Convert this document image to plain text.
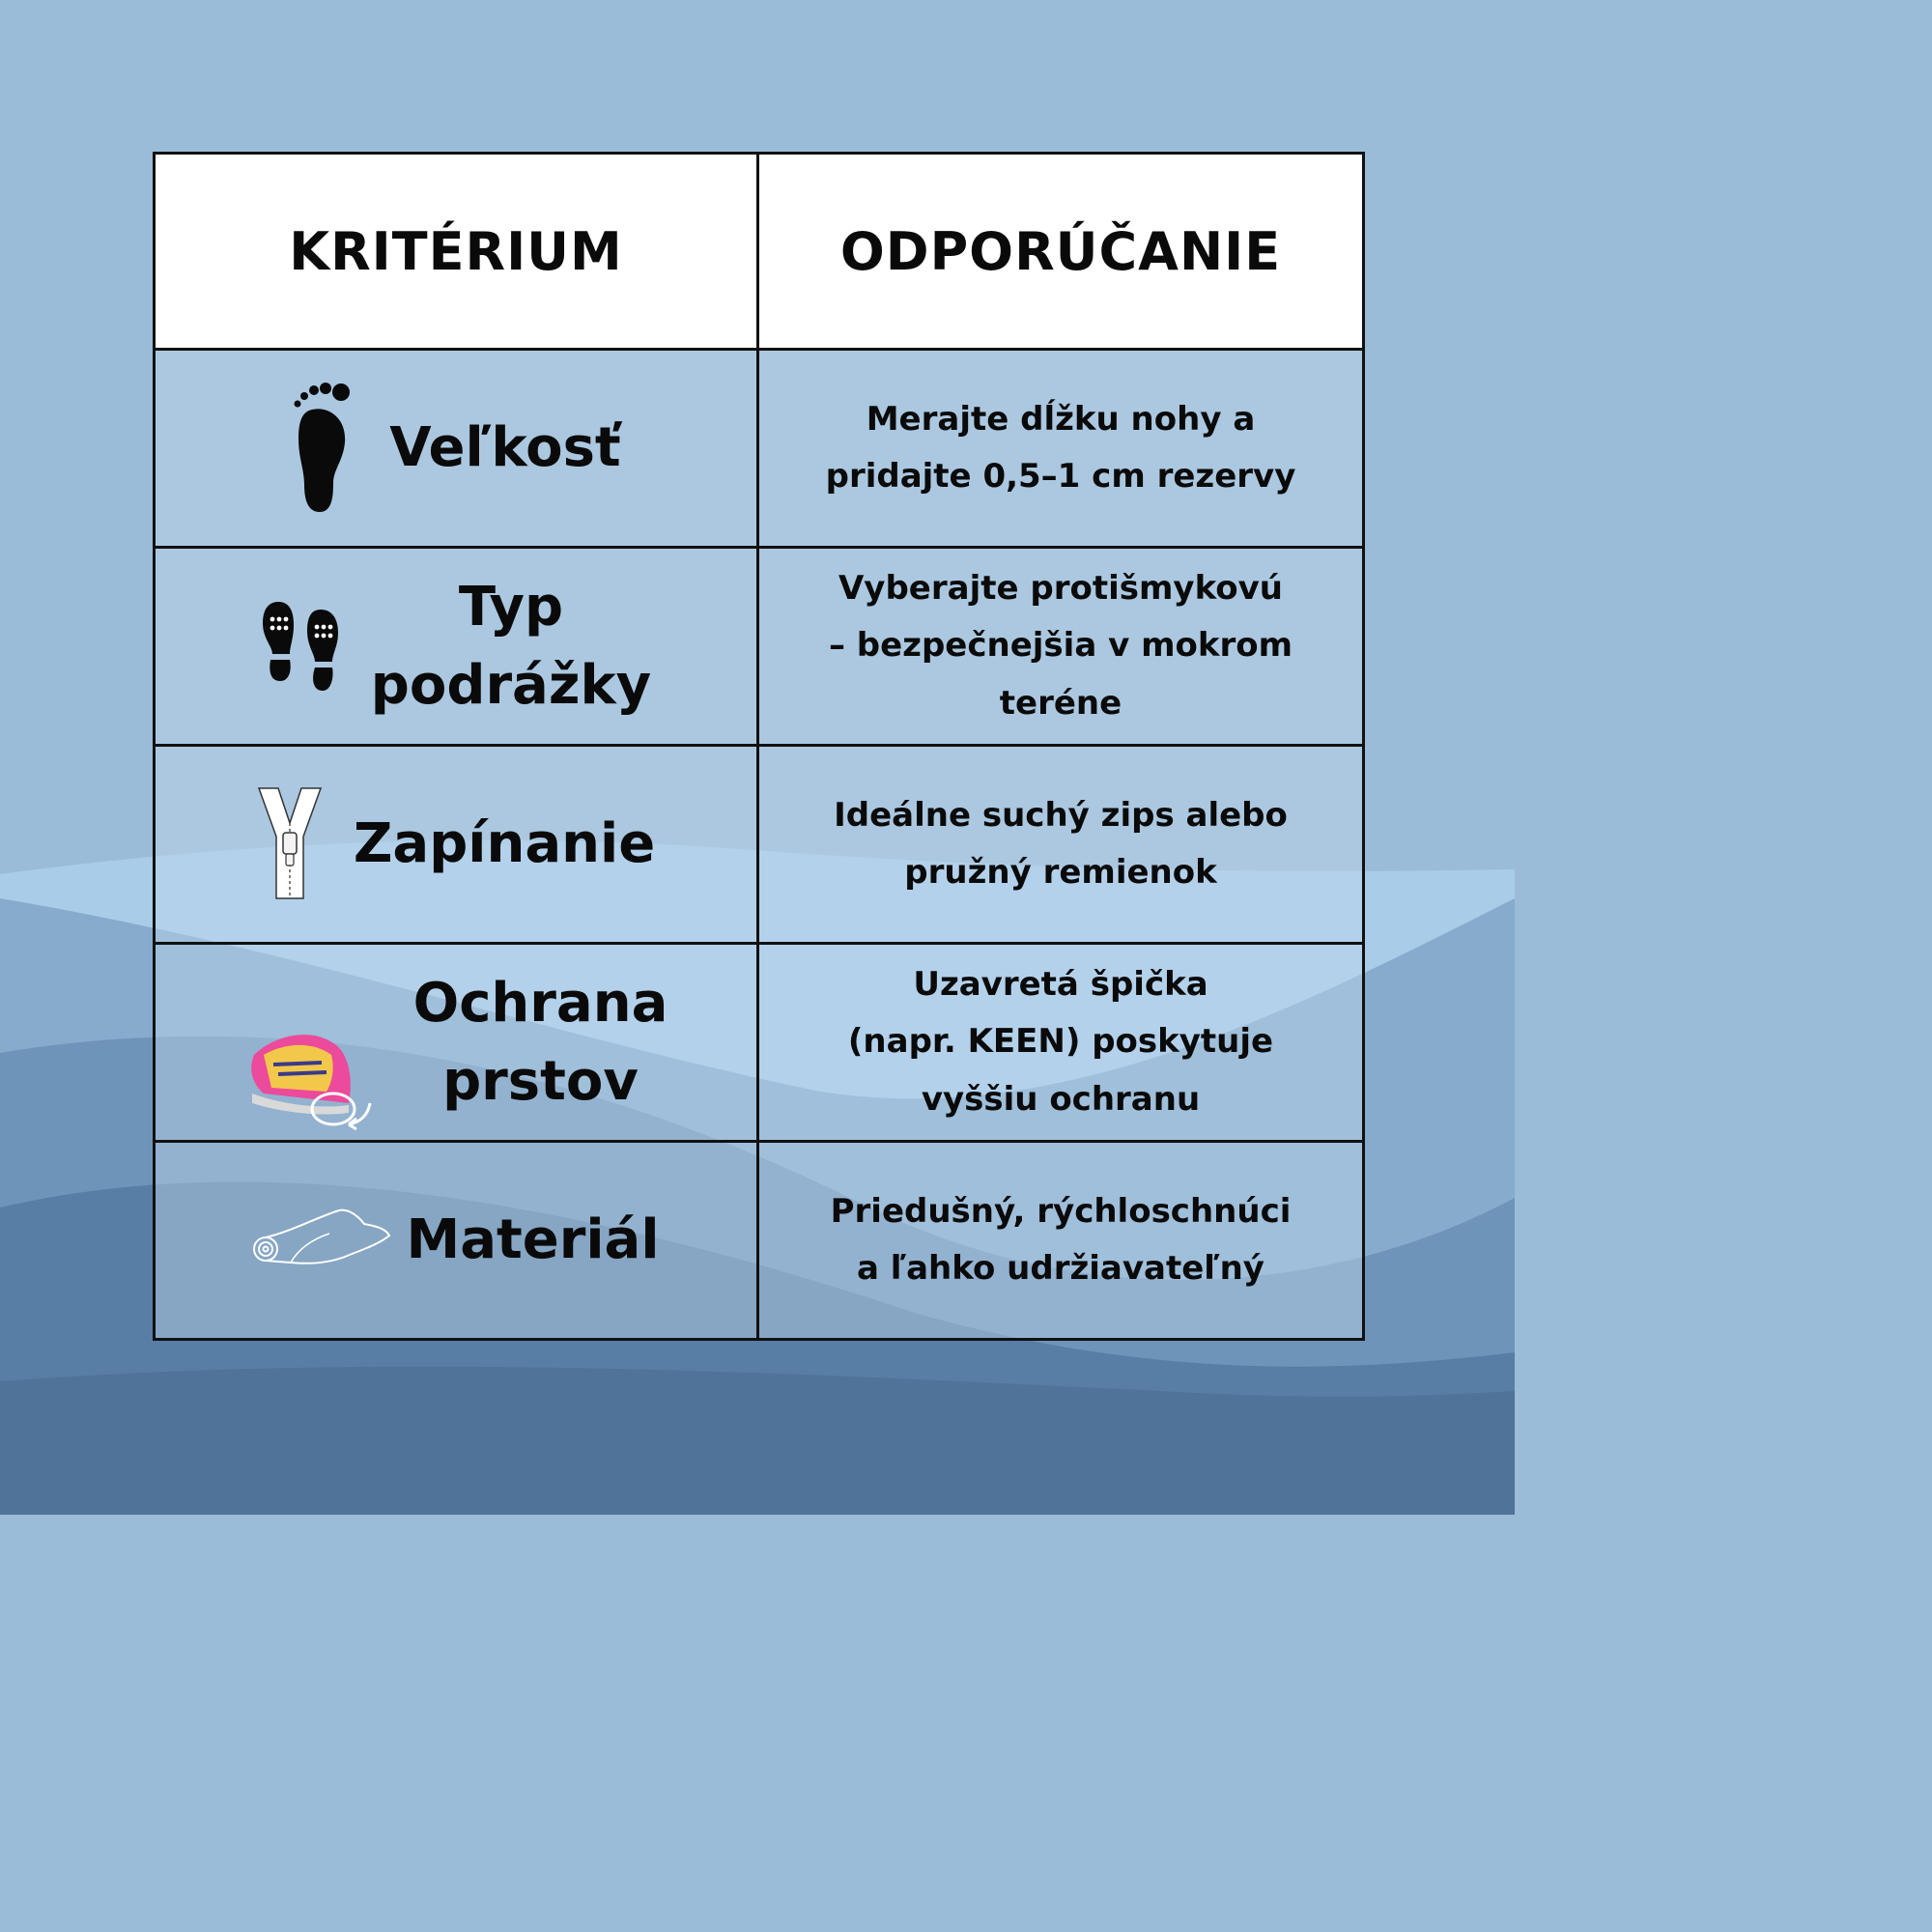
KRITÉRIUM	ODPORÚČANIE

Veľkosť	Merajte dĺžku nohy a
pridajte 0,5–1 cm rezervy

Typ
podrážky	Vyberajte protišmykovú
– bezpečnejšia v mokrom
teréne

Zapínanie	Ideálne suchý zips alebo
pružný remienok

Ochrana
prstov	Uzavretá špička
(napr. KEEN) poskytuje
vyššiu ochranu

Materiál	Priedušný, rýchloschnúci
a ľahko udržiavateľný
